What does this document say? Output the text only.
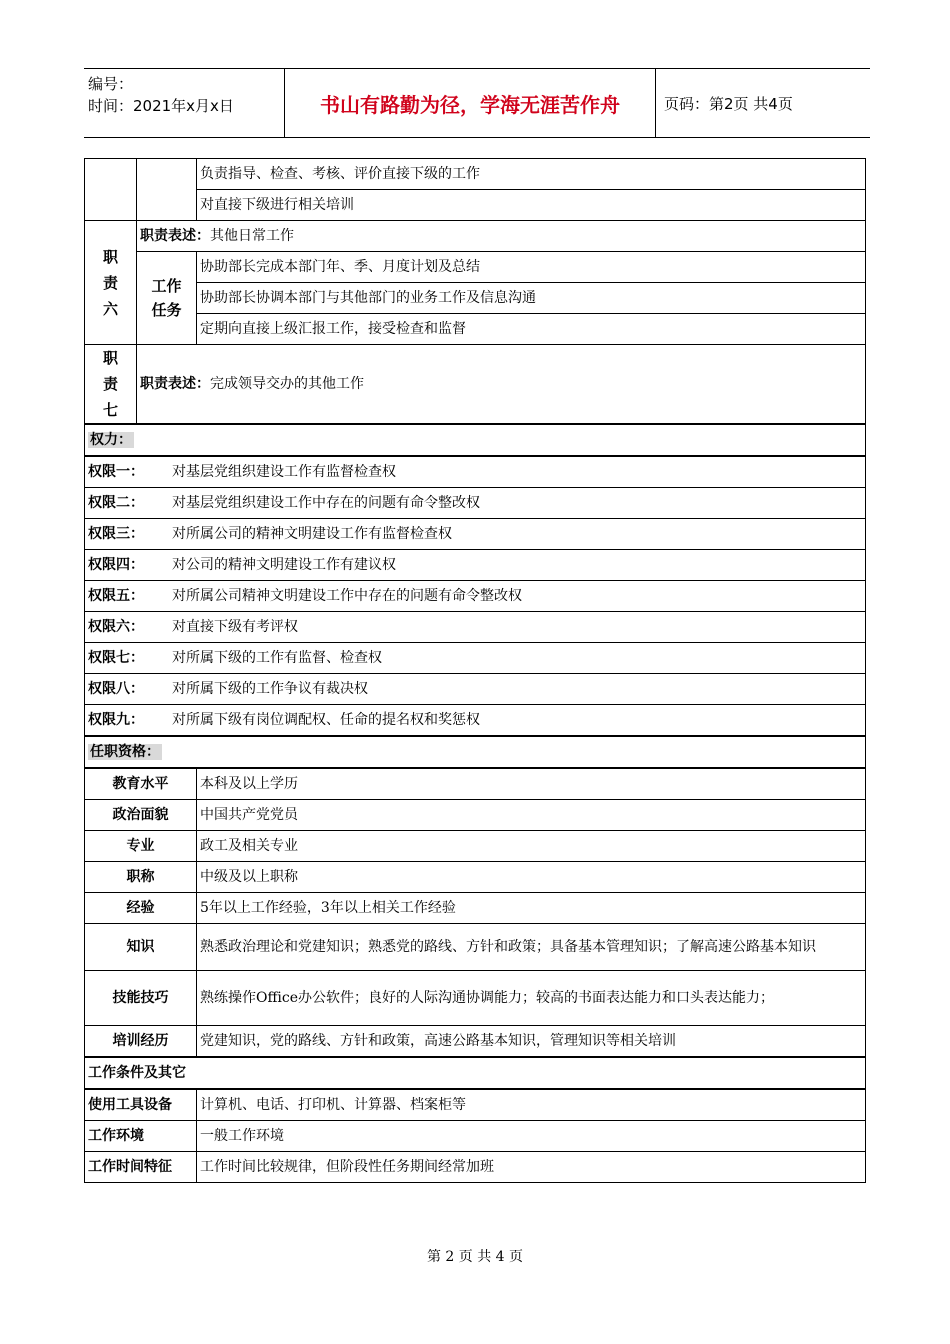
编号：
时间：2021年x月x日	书山有路勤为径，学海无涯苦作舟	页码：第2页 共4页
		负责指导、检查、考核、评价直接下级的工作
		对直接下级进行相关培训
职责六	职责表述：其他日常工作	
	工作任务	协助部长完成本部门年、季、月度计划及总结
		协助部长协调本部门与其他部门的业务工作及信息沟通
		定期向直接上级汇报工作，接受检查和监督
职责七	职责表述：完成领导交办的其他工作	
权力：		
权限一： 对基层党组织建设工作有监督检查权		
权限二： 对基层党组织建设工作中存在的问题有命令整改权		
权限三： 对所属公司的精神文明建设工作有监督检查权		
权限四： 对公司的精神文明建设工作有建议权		
权限五： 对所属公司精神文明建设工作中存在的问题有命令整改权		
权限六： 对直接下级有考评权		
权限七： 对所属下级的工作有监督、检查权		
权限八： 对所属下级的工作争议有裁决权		
权限九： 对所属下级有岗位调配权、任命的提名权和奖惩权		
任职资格：		
教育水平		本科及以上学历
政治面貌		中国共产党党员
专业		政工及相关专业
职称		中级及以上职称
经验		5年以上工作经验，3年以上相关工作经验
知识		熟悉政治理论和党建知识；熟悉党的路线、方针和政策；具备基本管理知识；了解高速公路基本知识
技能技巧		熟练操作Office办公软件；良好的人际沟通协调能力；较高的书面表达能力和口头表达能力；
培训经历		党建知识，党的路线、方针和政策，高速公路基本知识，管理知识等相关培训
工作条件及其它		
使用工具设备		计算机、电话、打印机、计算器、档案柜等
工作环境		一般工作环境
工作时间特征		工作时间比较规律，但阶段性任务期间经常加班
第 2 页 共 4 页
